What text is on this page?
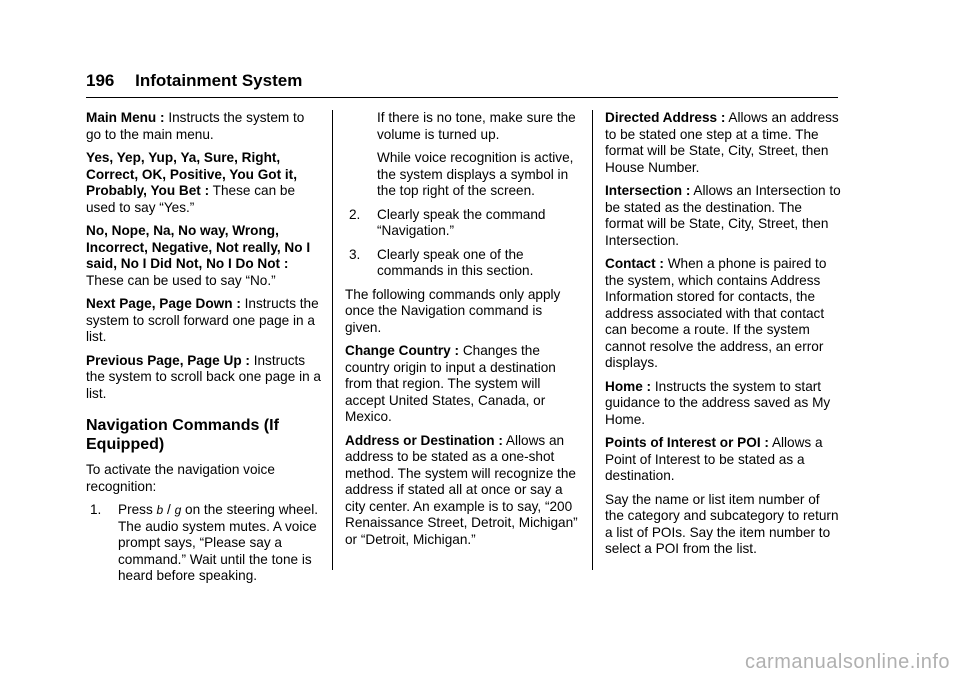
196 Infotainment System

Main Menu : Instructs the system to go to the main menu.

Yes, Yep, Yup, Ya, Sure, Right, Correct, OK, Positive, You Got it, Probably, You Bet : These can be used to say “Yes.”

No, Nope, Na, No way, Wrong, Incorrect, Negative, Not really, No I said, No I Did Not, No I Do Not : These can be used to say “No.”

Next Page, Page Down : Instructs the system to scroll forward one page in a list.

Previous Page, Page Up : Instructs the system to scroll back one page in a list.

Navigation Commands (If Equipped)

To activate the navigation voice recognition:

1. Press b / g on the steering wheel. The audio system mutes. A voice prompt says, “Please say a command.” Wait until the tone is heard before speaking.
If there is no tone, make sure the volume is turned up.
While voice recognition is active, the system displays a symbol in the top right of the screen.
2. Clearly speak the command “Navigation.”
3. Clearly speak one of the commands in this section.

The following commands only apply once the Navigation command is given.

Change Country : Changes the country origin to input a destination from that region. The system will accept United States, Canada, or Mexico.

Address or Destination : Allows an address to be stated as a one-shot method. The system will recognize the address if stated all at once or say a city center. An example is to say, “200 Renaissance Street, Detroit, Michigan” or “Detroit, Michigan.”

Directed Address : Allows an address to be stated one step at a time. The format will be State, City, Street, then House Number.

Intersection : Allows an Intersection to be stated as the destination. The format will be State, City, Street, then Intersection.

Contact : When a phone is paired to the system, which contains Address Information stored for contacts, the address associated with that contact can become a route. If the system cannot resolve the address, an error displays.

Home : Instructs the system to start guidance to the address saved as My Home.

Points of Interest or POI : Allows a Point of Interest to be stated as a destination.

Say the name or list item number of the category and subcategory to return a list of POIs. Say the item number to select a POI from the list.

carmanualsonline.info
